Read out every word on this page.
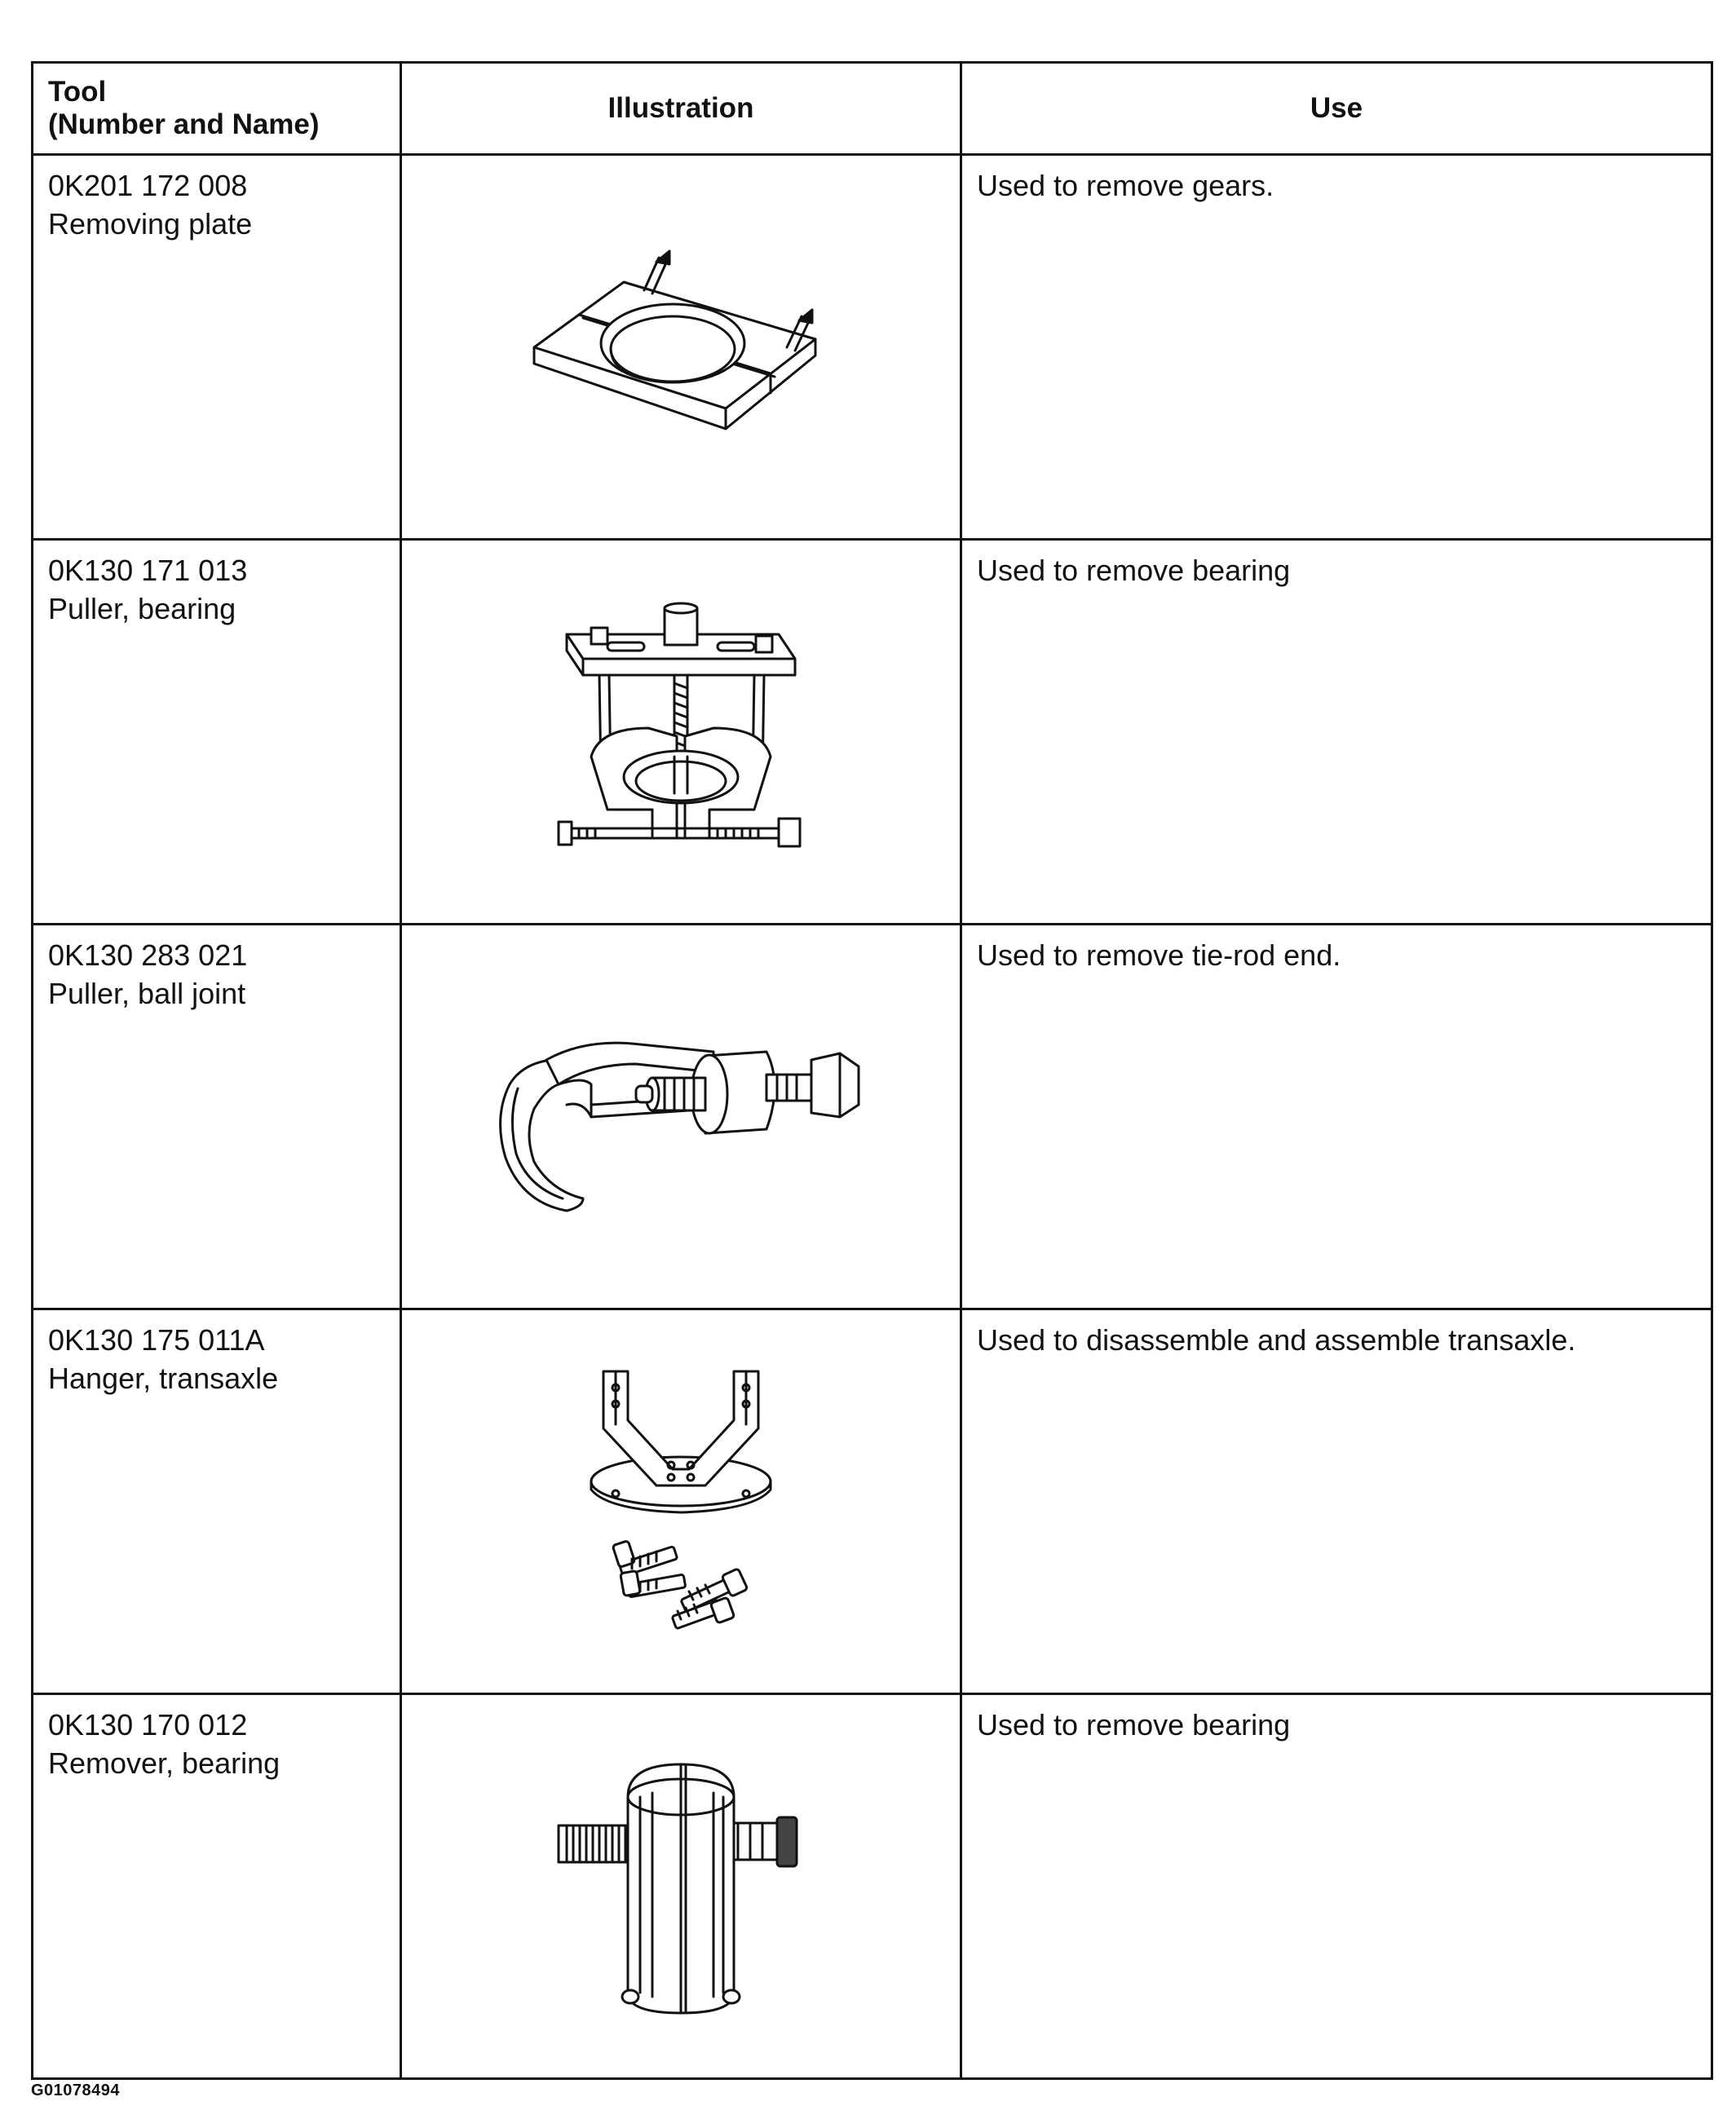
Tool
(Number and Name)	Illustration	Use

0K201 172 008
Removing plate		Used to remove gears.

0K130 171 013
Puller, bearing		Used to remove bearing

0K130 283 021
Puller, ball joint		Used to remove tie-rod end.

0K130 175 011A
Hanger, transaxle		Used to disassemble and assemble transaxle.

0K130 170 012
Remover, bearing		Used to remove bearing
G01078494
